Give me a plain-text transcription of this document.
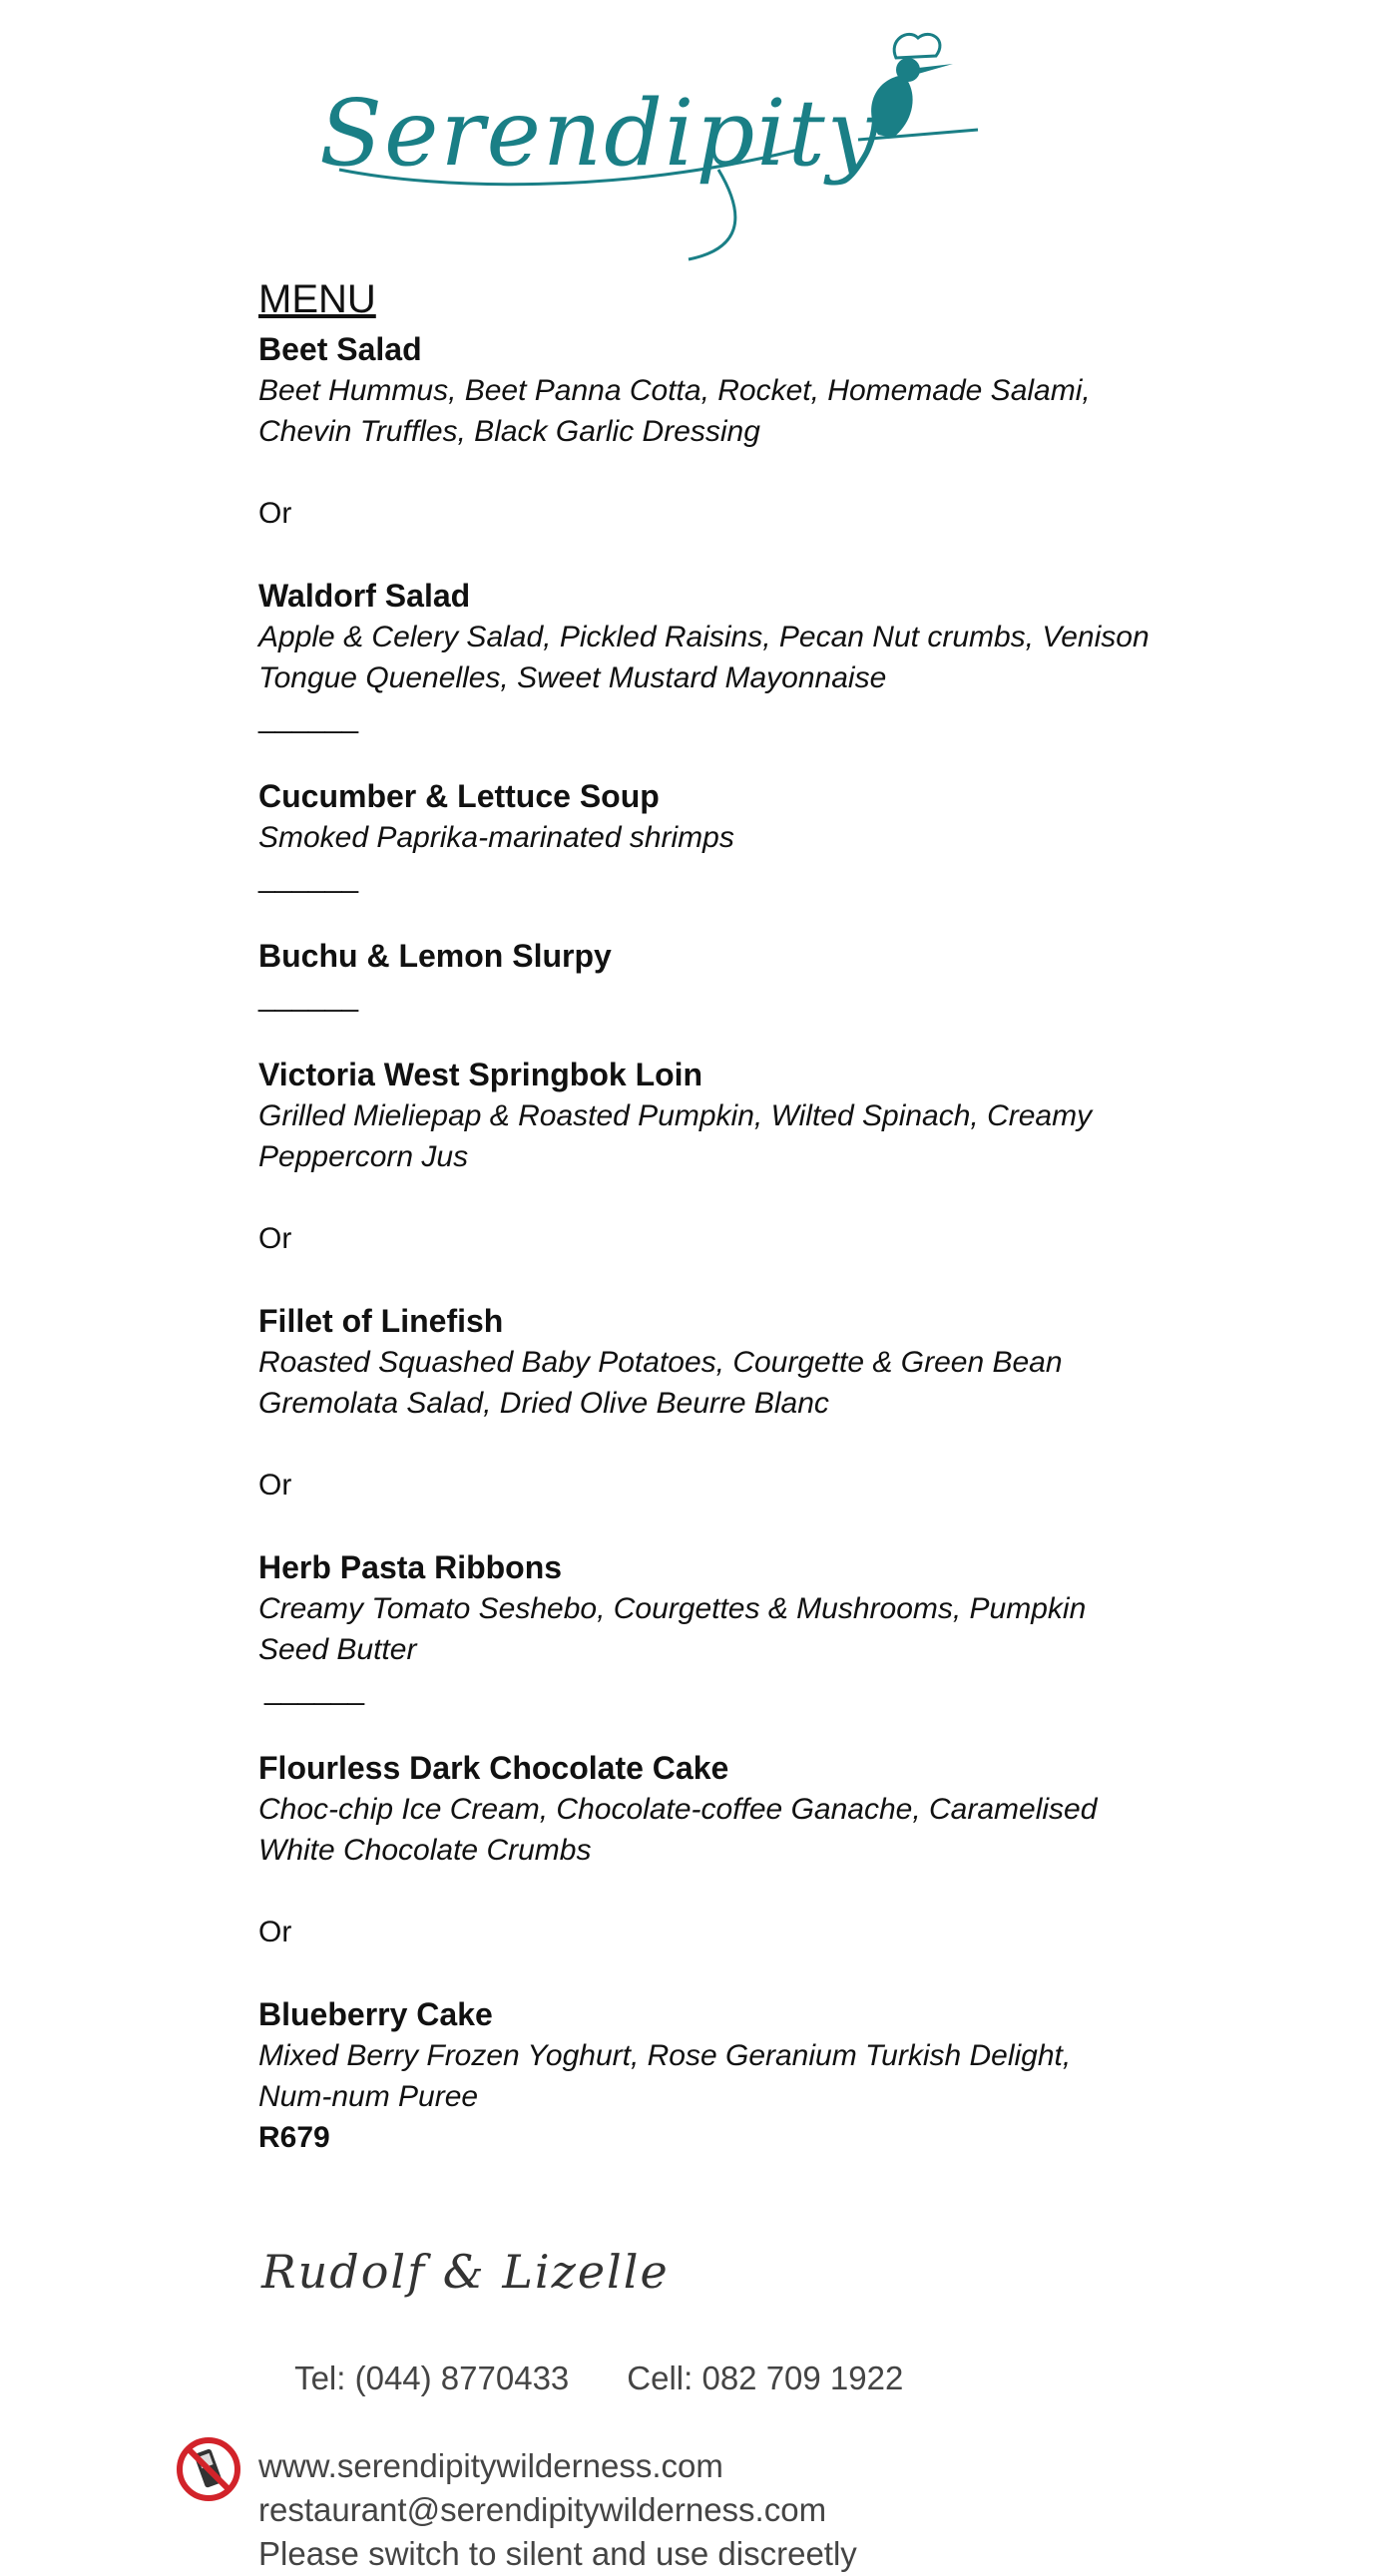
Serendipity

MENU

Beet Salad

Beet Hummus, Beet Panna Cotta, Rocket, Homemade Salami,

Chevin Truffles, Black Garlic Dressing

Or

Waldorf Salad

Apple & Celery Salad, Pickled Raisins, Pecan Nut crumbs, Venison

Tongue Quenelles, Sweet Mustard Mayonnaise

______

Cucumber & Lettuce Soup

Smoked Paprika-marinated shrimps

______

Buchu & Lemon Slurpy

______

Victoria West Springbok Loin

Grilled Mieliepap & Roasted Pumpkin, Wilted Spinach, Creamy

Peppercorn Jus

Or

Fillet of Linefish

Roasted Squashed Baby Potatoes, Courgette & Green Bean

Gremolata Salad, Dried Olive Beurre Blanc

Or

Herb Pasta Ribbons

Creamy Tomato Seshebo, Courgettes & Mushrooms, Pumpkin

Seed Butter

______

Flourless Dark Chocolate Cake

Choc-chip Ice Cream, Chocolate-coffee Ganache, Caramelised

White Chocolate Crumbs

Or

Blueberry Cake

Mixed Berry Frozen Yoghurt, Rose Geranium Turkish Delight,

Num-num Puree

R679

Rudolf & Lizelle

Tel: (044) 8770433 Cell: 082 709 1922

www.serendipitywilderness.com
restaurant@serendipitywilderness.com
Please switch to silent and use discreetly
